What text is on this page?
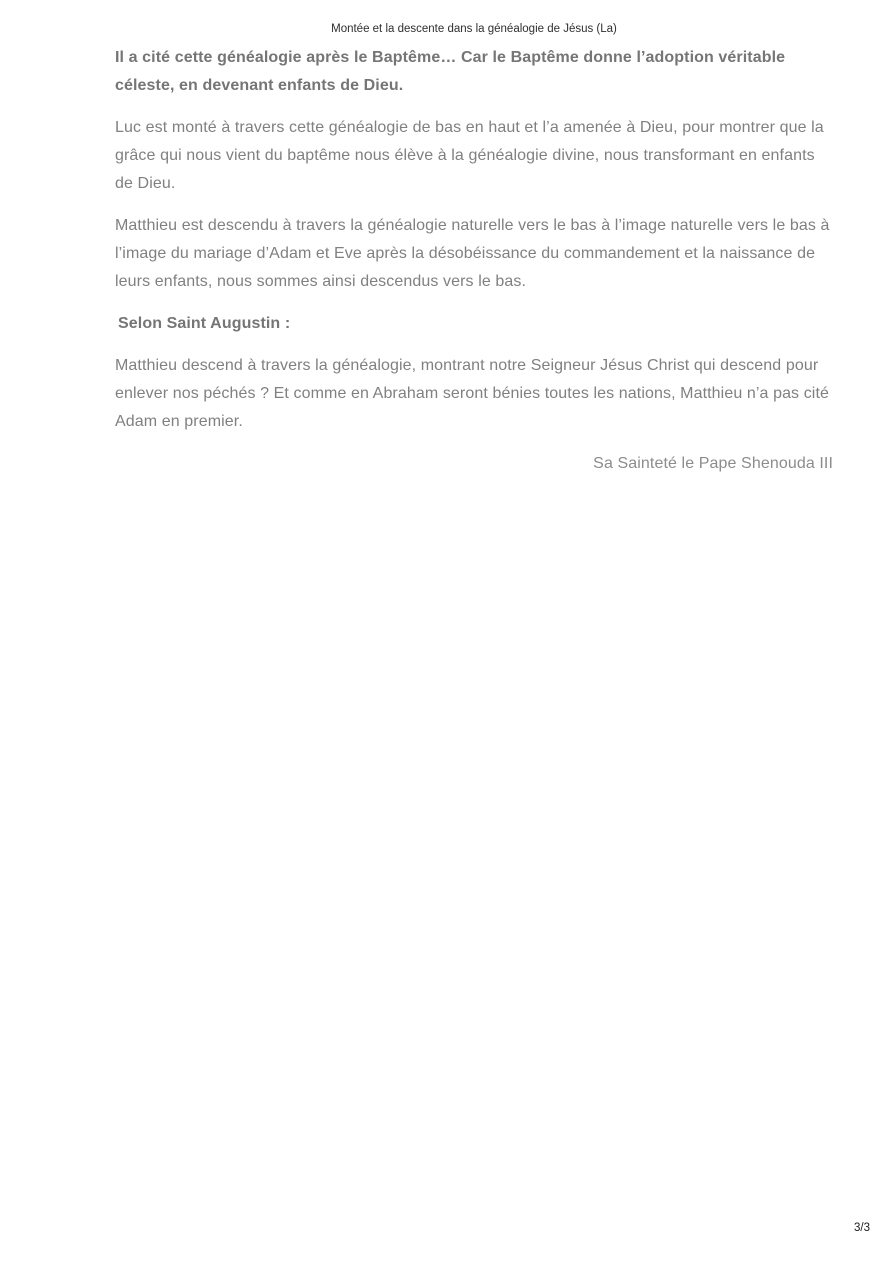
Montée et la descente dans la généalogie de Jésus (La)

Il a cité cette généalogie après le Baptême… Car le Baptême donne l’adoption véritable céleste, en devenant enfants de Dieu.

Luc est monté à travers cette généalogie de bas en haut et l’a amenée à Dieu, pour montrer que la grâce qui nous vient du baptême nous élève à la généalogie divine, nous transformant en enfants de Dieu.

Matthieu est descendu à travers la généalogie naturelle vers le bas à l’image naturelle vers le bas à l’image du mariage d’Adam et Eve après la désobéissance du commandement et la naissance de leurs enfants, nous sommes ainsi descendus vers le bas.

Selon Saint Augustin :

Matthieu descend à travers la généalogie, montrant notre Seigneur Jésus Christ qui descend pour enlever nos péchés ? Et comme en Abraham seront bénies toutes les nations, Matthieu n’a pas cité Adam en premier.

Sa Sainteté le Pape Shenouda III

3/3
